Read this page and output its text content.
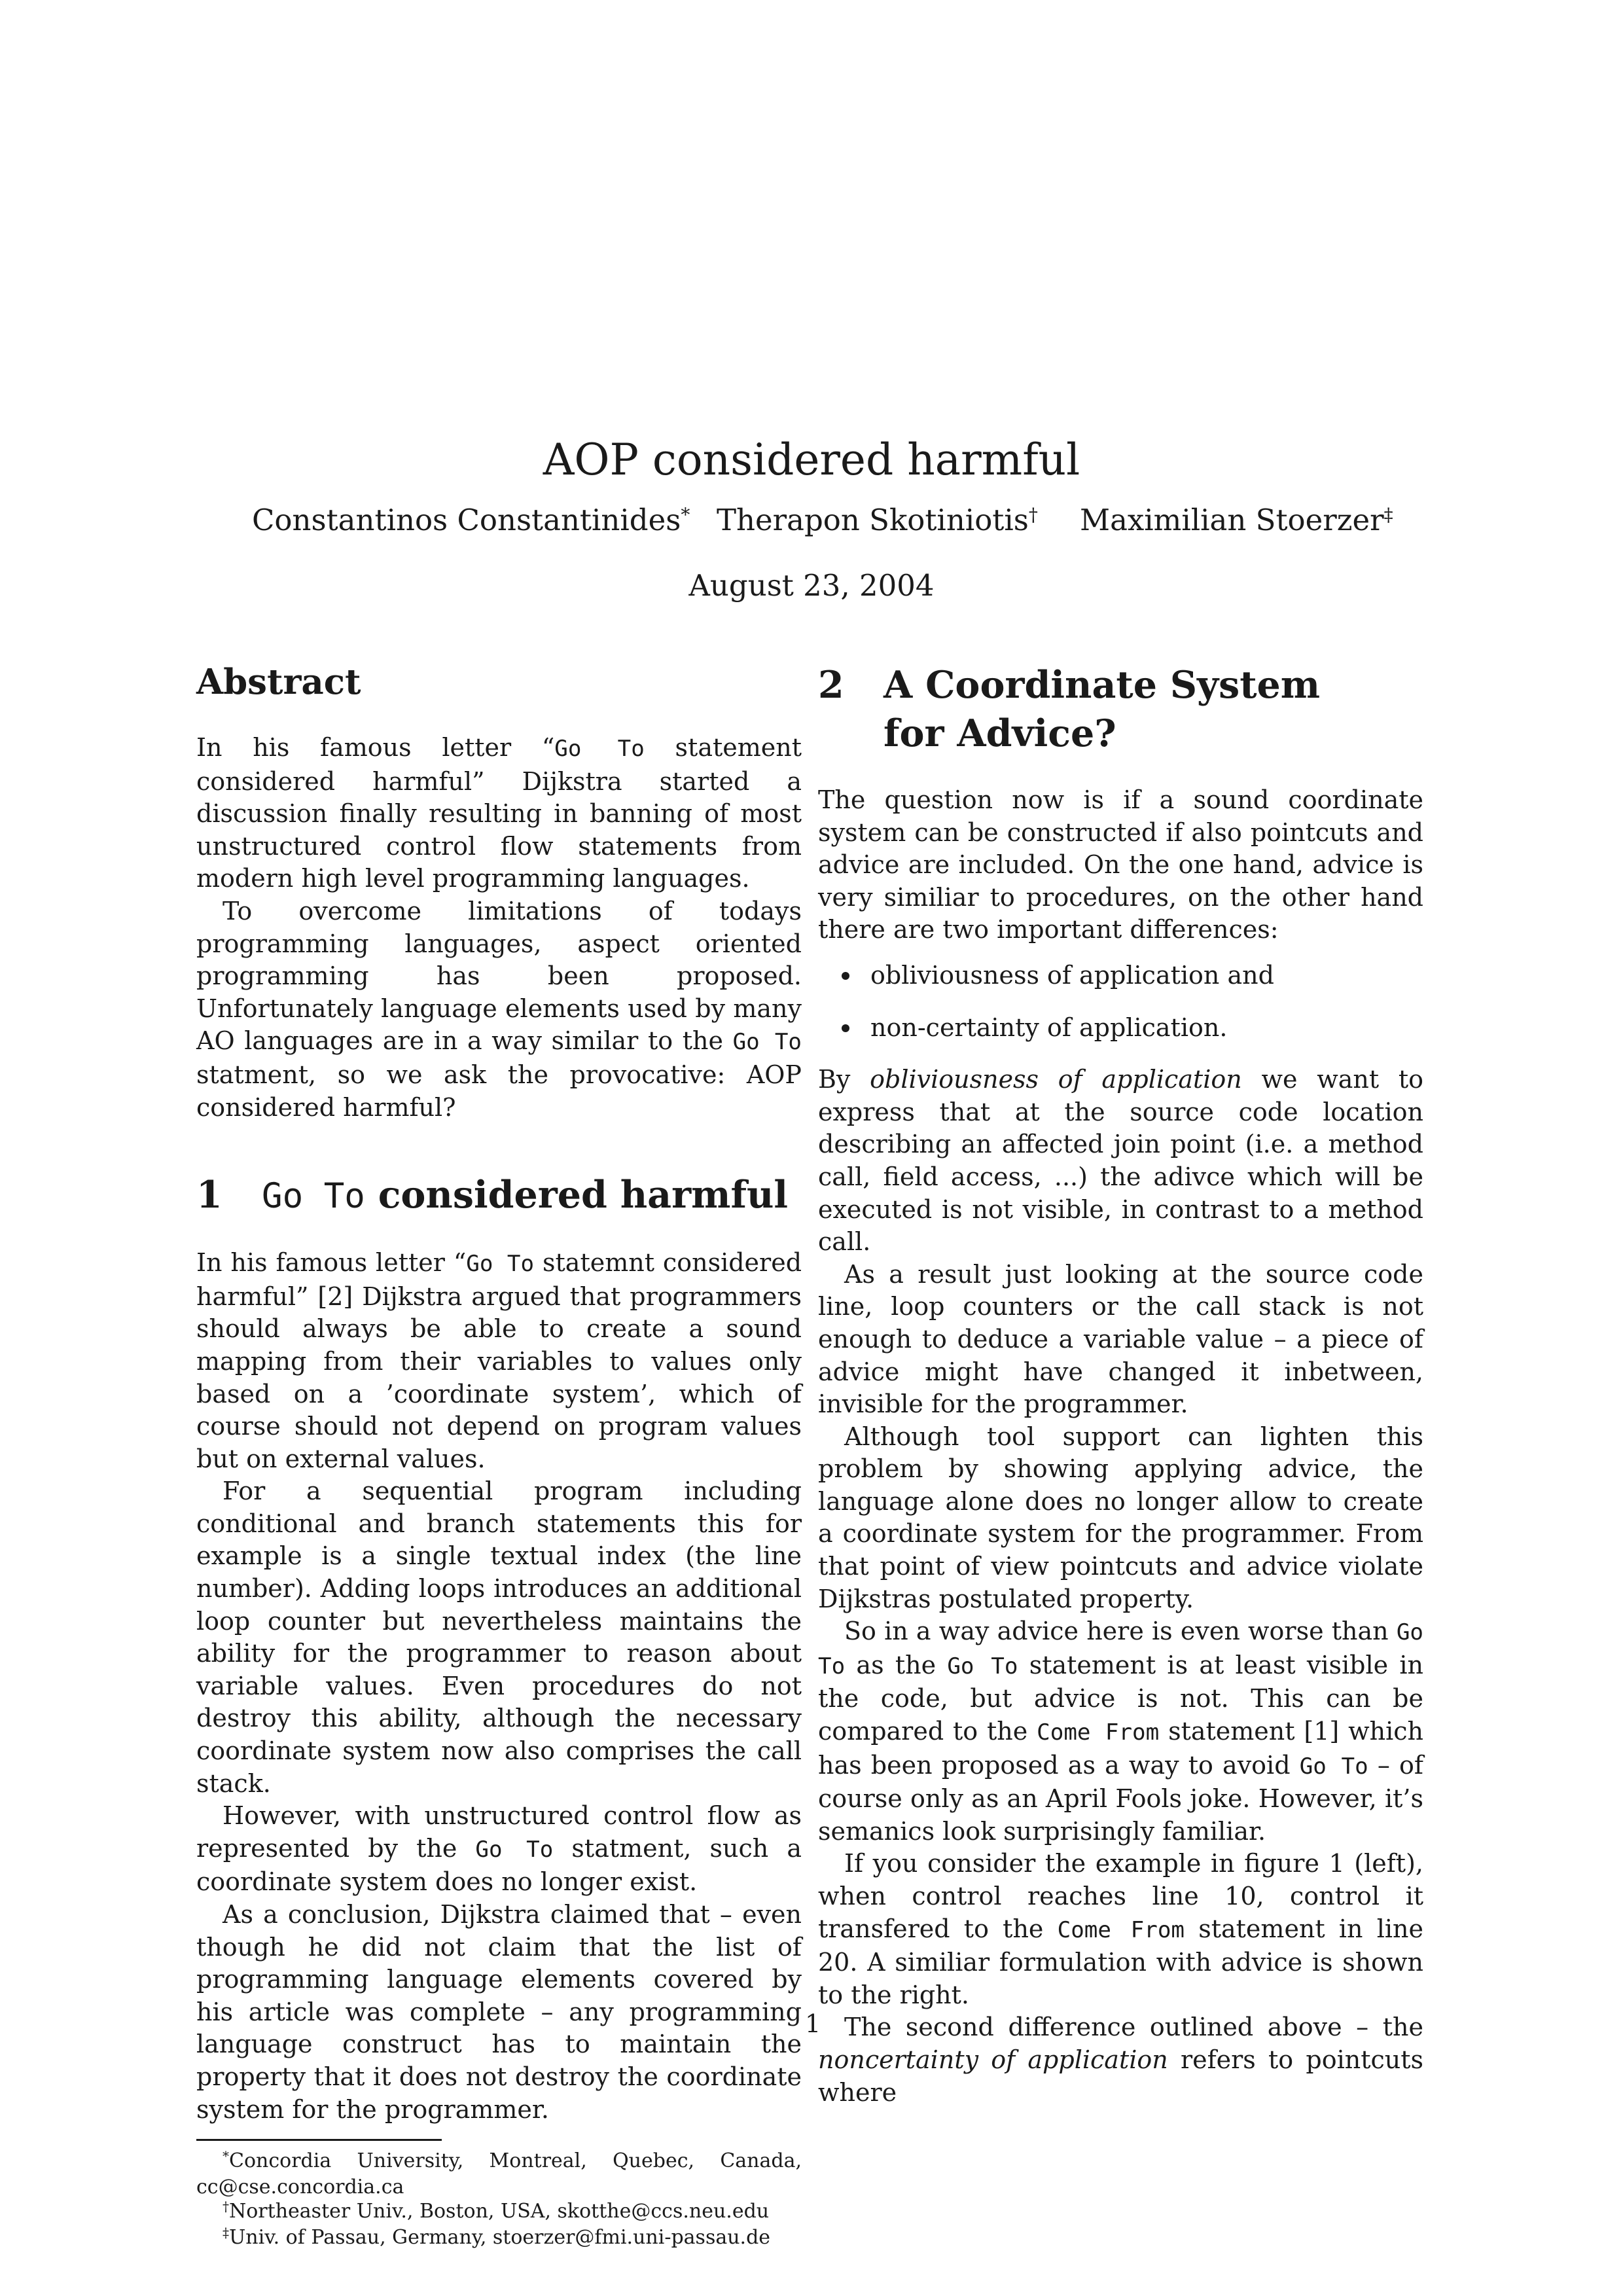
AOP considered harmful
Constantinos Constantinides* Therapon Skotiniotis† Maximilian Stoerzer‡
August 23, 2004
Abstract

In his famous letter “Go To statement considered harmful” Dijkstra started a discussion finally resulting in banning of most unstructured control flow statements from modern high level programming languages.

To overcome limitations of todays programming languages, aspect oriented programming has been proposed. Unfortunately language elements used by many AO languages are in a way similar to the Go To statment, so we ask the provocative: AOP considered harmful?

1	Go To considered harmful

In his famous letter “Go To statemnt considered harmful” [2] Dijkstra argued that programmers should always be able to create a sound mapping from their variables to values only based on a ’coordinate system’, which of course should not depend on program values but on external values.

For a sequential program including conditional and branch statements this for example is a single textual index (the line number). Adding loops introduces an additional loop counter but nevertheless maintains the ability for the programmer to reason about variable values. Even procedures do not destroy this ability, although the necessary coordinate system now also comprises the call stack.

However, with unstructured control flow as represented by the Go To statment, such a coordinate system does no longer exist.

As a conclusion, Dijkstra claimed that – even though he did not claim that the list of programming language elements covered by his article was complete – any programming language construct has to maintain the property that it does not destroy the coordinate system for the programmer.

*Concordia University, Montreal, Quebec, Canada, cc@cse.concordia.ca

†Northeaster Univ., Boston, USA, skotthe@ccs.neu.edu

‡Univ. of Passau, Germany, stoerzer@fmi.uni-passau.de

2	A Coordinate System
for Advice?

The question now is if a sound coordinate system can be constructed if also pointcuts and advice are included. On the one hand, advice is very similiar to procedures, on the other hand there are two important differences:

obliviousness of application and
non-certainty of application.

By obliviousness of application we want to express that at the source code location describing an affected join point (i.e. a method call, field access, ...) the adivce which will be executed is not visible, in contrast to a method call.

As a result just looking at the source code line, loop counters or the call stack is not enough to deduce a variable value – a piece of advice might have changed it inbetween, invisible for the programmer.

Although tool support can lighten this problem by showing applying advice, the language alone does no longer allow to create a coordinate system for the programmer. From that point of view pointcuts and advice violate Dijkstras postulated property.

So in a way advice here is even worse than Go To as the Go To statement is at least visible in the code, but advice is not. This can be compared to the Come From statement [1] which has been proposed as a way to avoid Go To – of course only as an April Fools joke. However, it’s semanics look surprisingly familiar.

If you consider the example in figure 1 (left), when control reaches line 10, control it transfered to the Come From statement in line 20. A similiar formulation with advice is shown to the right.

The second difference outlined above – the noncertainty of application refers to pointcuts where

1
